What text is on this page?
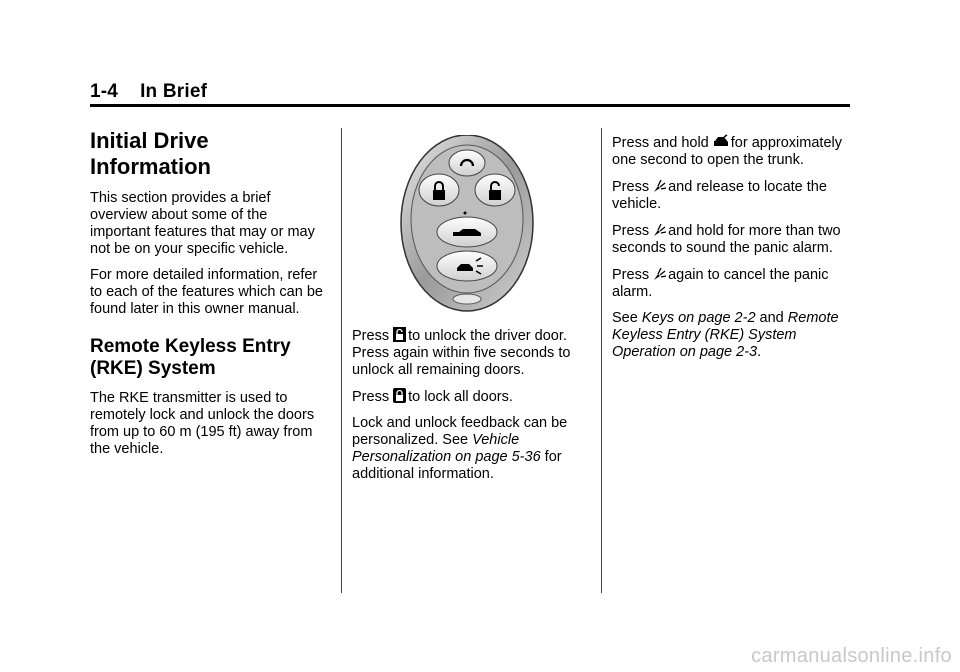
1-4 In Brief
Initial Drive Information

This section provides a brief overview about some of the important features that may or may not be on your specific vehicle.

For more detailed information, refer to each of the features which can be found later in this owner manual.

Remote Keyless Entry (RKE) System

The RKE transmitter is used to remotely lock and unlock the doors from up to 60 m (195 ft) away from the vehicle.

Press to unlock the driver door. Press again within five seconds to unlock all remaining doors.

Press to lock all doors.

Lock and unlock feedback can be personalized. See Vehicle Personalization on page 5-36 for additional information.

Press and hold for approximately one second to open the trunk.

Press and release to locate the vehicle.

Press and hold for more than two seconds to sound the panic alarm.

Press again to cancel the panic alarm.

See Keys on page 2-2 and Remote Keyless Entry (RKE) System Operation on page 2-3.

carmanualsonline.info
